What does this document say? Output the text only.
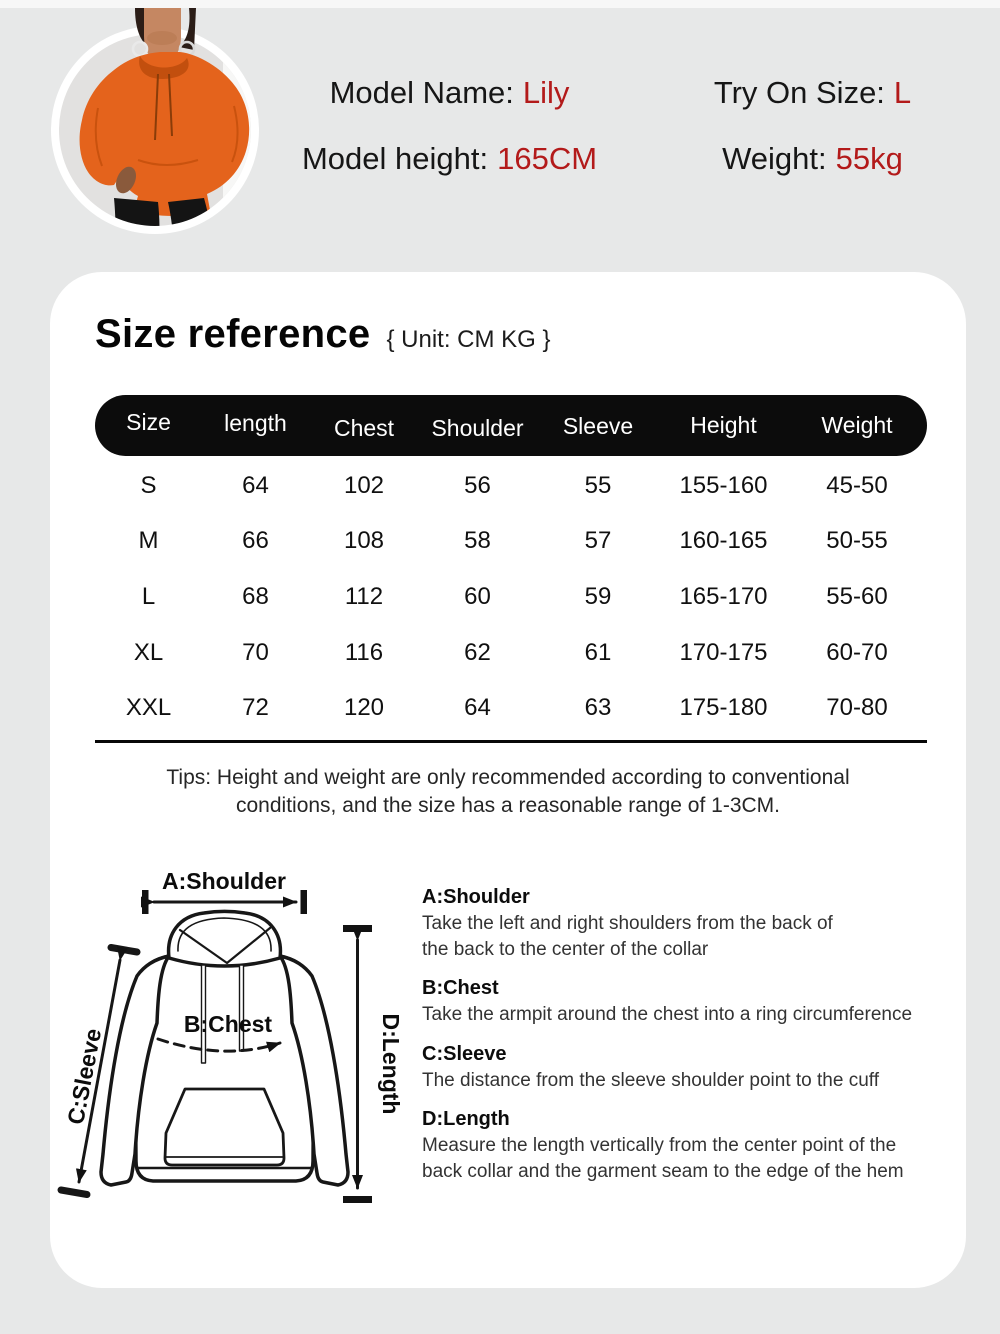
Model Name: Lily	Try On Size: L
Model height: 165CM	Weight: 55kg
Size reference { Unit: CM KG }
Size	length	Chest	Shoulder	Sleeve	Height	Weight
S	64	102	56	55	155-160	45-50
M	66	108	58	57	160-165	50-55
L	68	112	60	59	165-170	55-60
XL	70	116	62	61	170-175	60-70
XXL	72	120	64	63	175-180	70-80
Tips: Height and weight are only recommended according to conventional
conditions, and the size has a reasonable range of 1-3CM.
A:Shoulder
B:Chest
C:Sleeve	D:Length
A:Shoulder
Take the left and right shoulders from the back of
the back to the center of the collar
B:Chest
Take the armpit around the chest into a ring circumference
C:Sleeve
The distance from the sleeve shoulder point to the cuff
D:Length
Measure the length vertically from the center point of the
back collar and the garment seam to the edge of the hem
